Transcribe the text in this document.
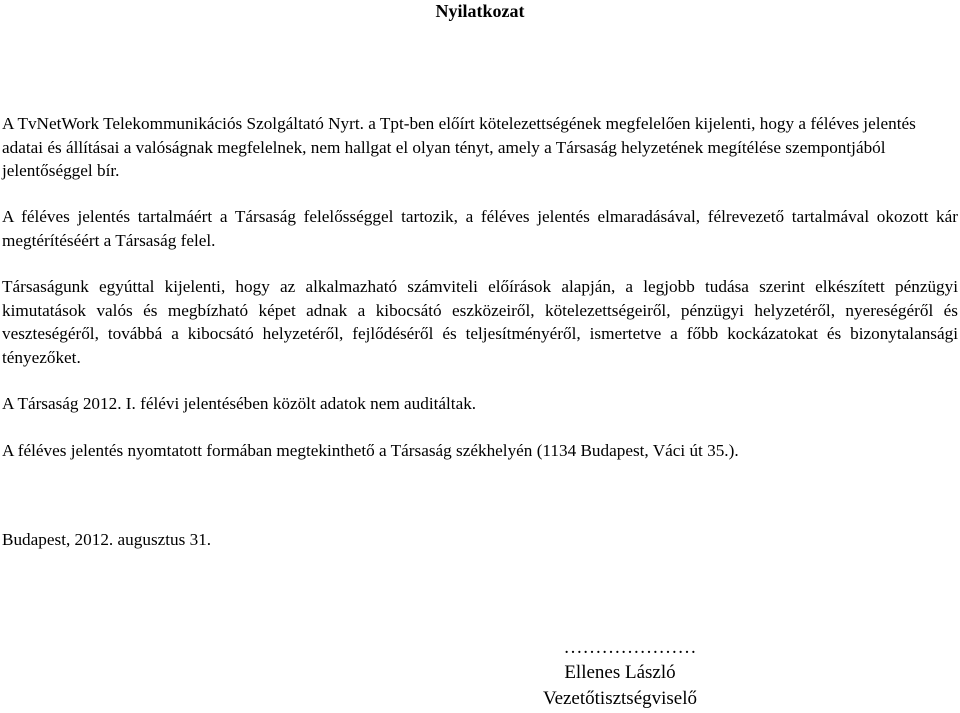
Nyilatkozat

A TvNetWork Telekommunikációs Szolgáltató Nyrt. a Tpt-ben előírt kötelezettségének megfelelően kijelenti, hogy a féléves jelentés adatai és állításai a valóságnak megfelelnek, nem hallgat el olyan tényt, amely a Társaság helyzetének megítélése szempontjából jelentőséggel bír.

A féléves jelentés tartalmáért a Társaság felelősséggel tartozik, a féléves jelentés elmaradásával, félrevezető tartalmával okozott kár megtérítéséért a Társaság felel.

Társaságunk egyúttal kijelenti, hogy az alkalmazható számviteli előírások alapján, a legjobb tudása szerint elkészített pénzügyi kimutatások valós és megbízható képet adnak a kibocsátó eszközeiről, kötelezettségeiről, pénzügyi helyzetéről, nyereségéről és veszteségéről, továbbá a kibocsátó helyzetéről, fejlődéséről és teljesítményéről, ismertetve a főbb kockázatokat és bizonytalansági tényezőket.

A Társaság 2012. I. félévi jelentésében közölt adatok nem auditáltak.

A féléves jelentés nyomtatott formában megtekinthető a Társaság székhelyén (1134 Budapest, Váci út 35.).

Budapest, 2012. augusztus 31.

…………………
Ellenes László
Vezetőtisztségviselő
